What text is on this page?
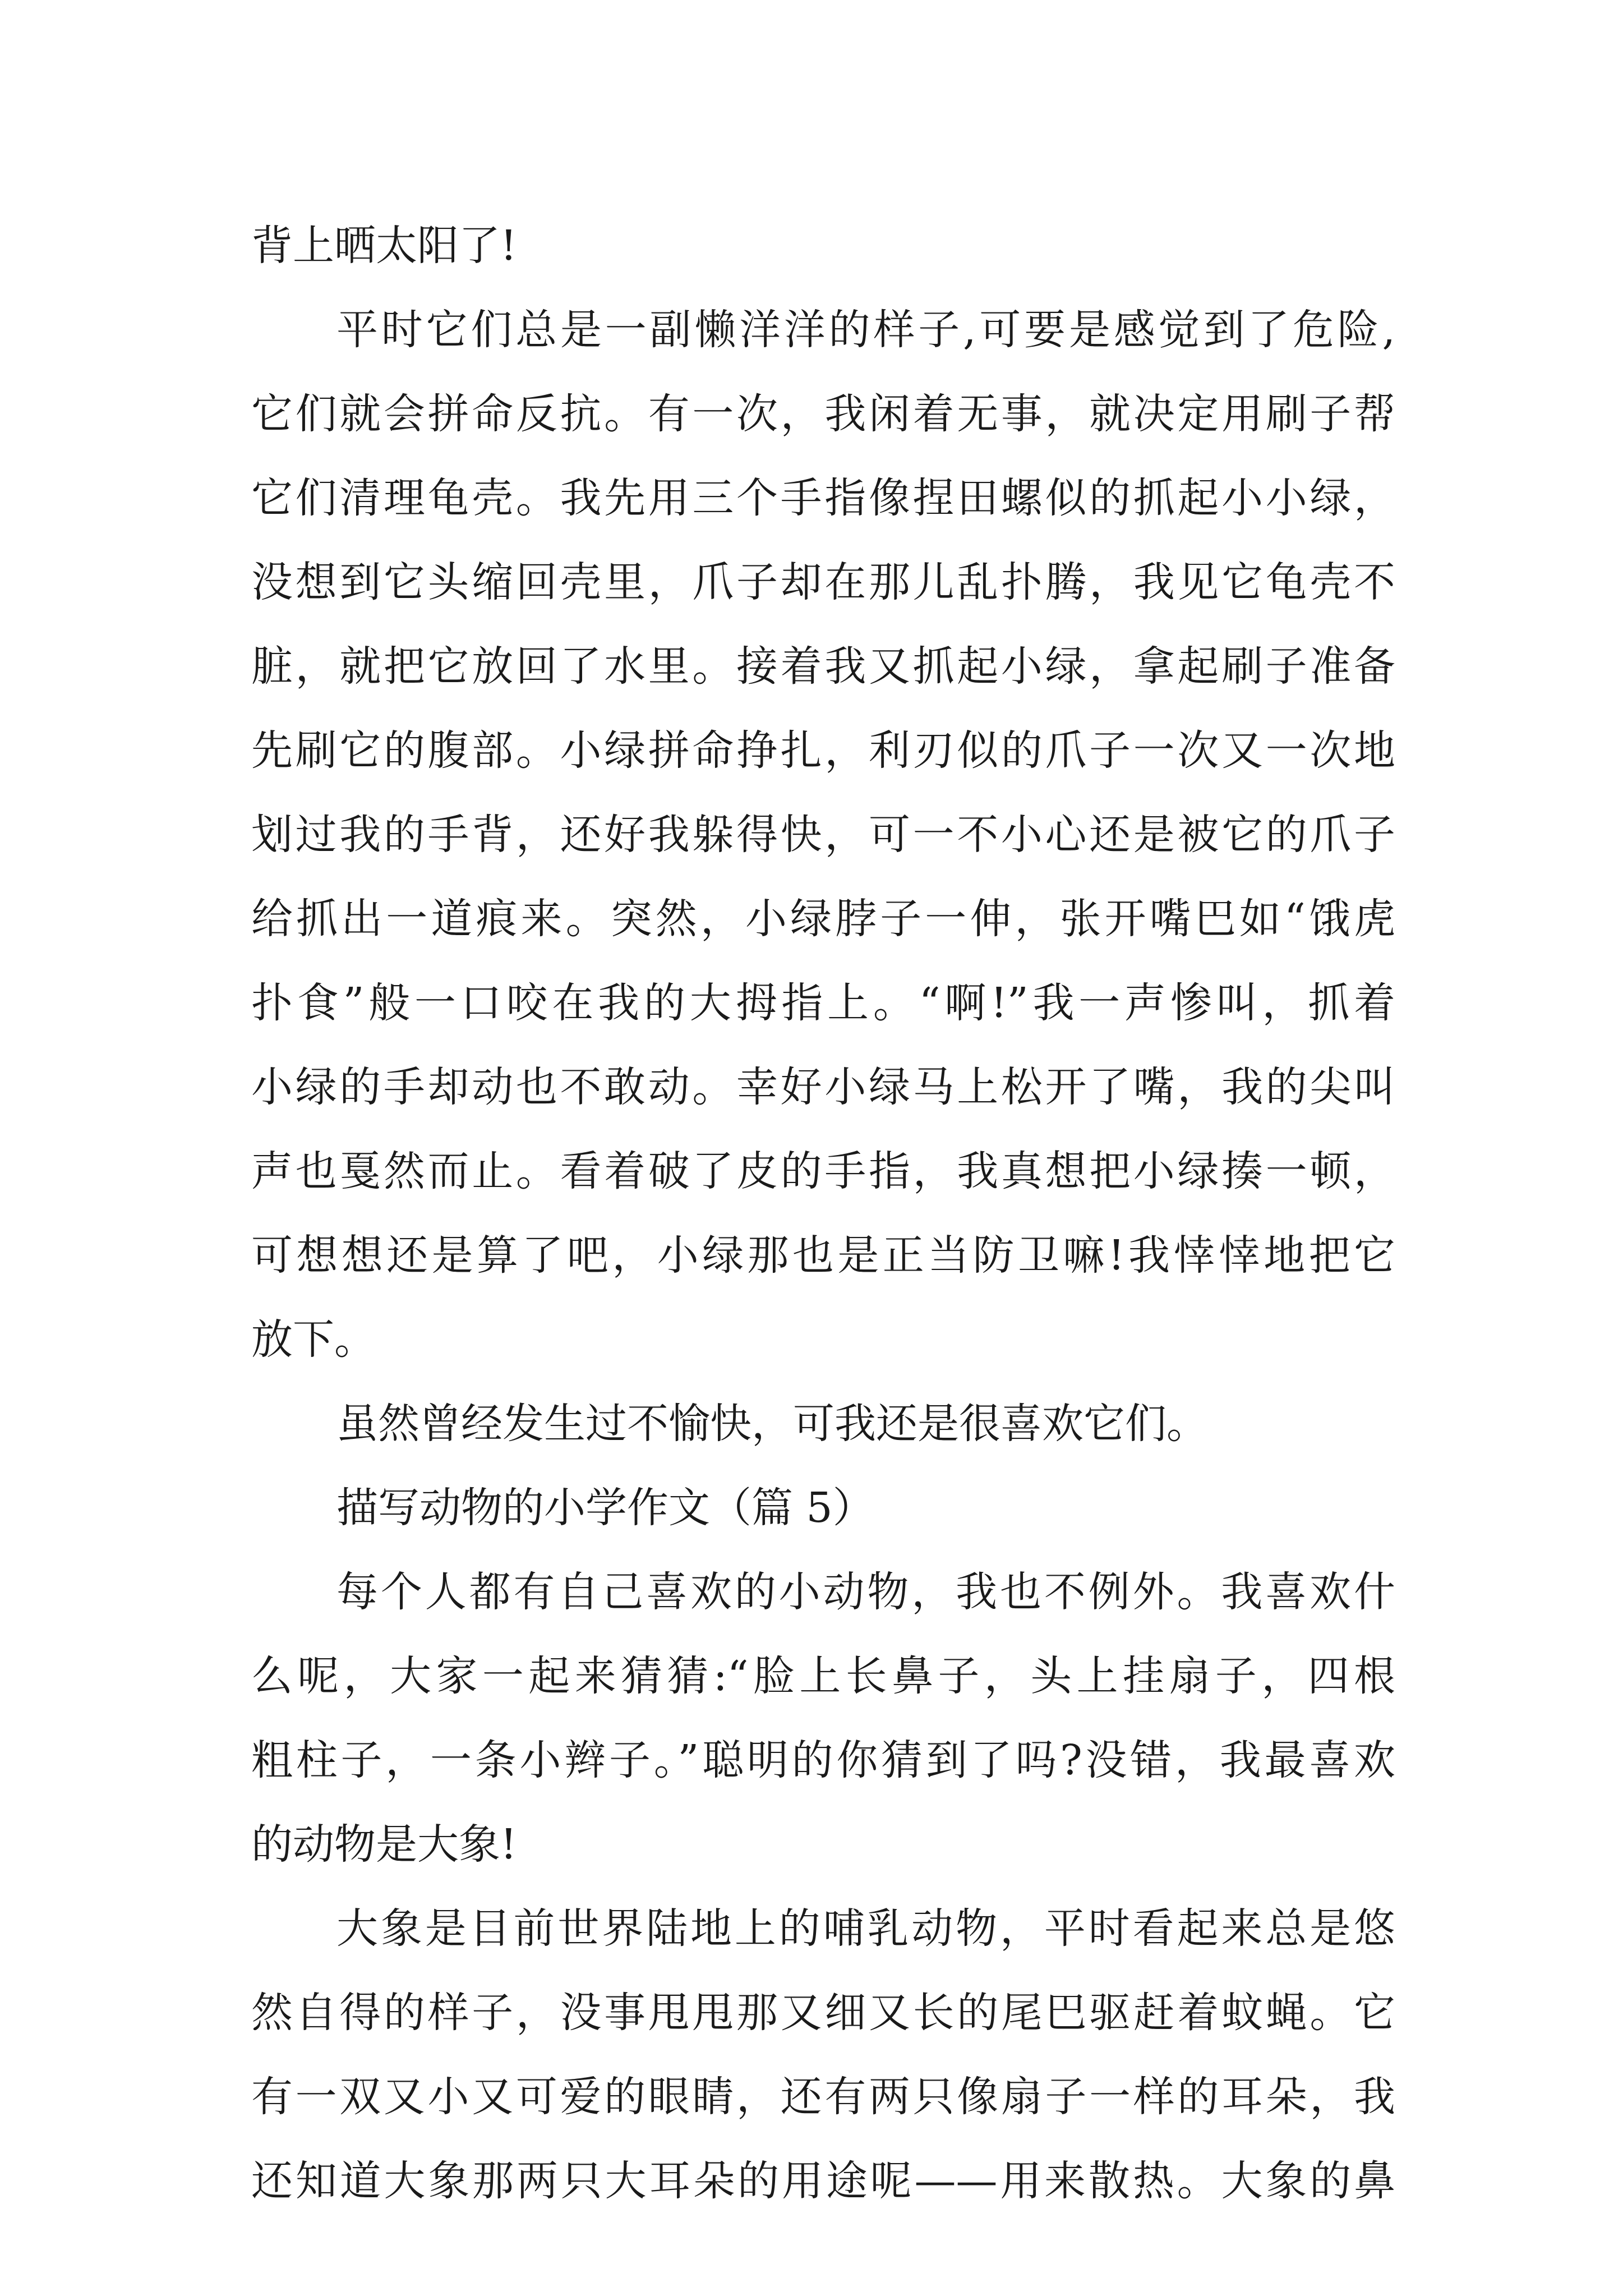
背上晒太阳了!
平时它们总是一副懒洋洋的样子,可要是感觉到了危险,
它们就会拼命反抗。有一次，我闲着无事，就决定用刷子帮
它们清理龟壳。我先用三个手指像捏田螺似的抓起小小绿，
没想到它头缩回壳里，爪子却在那儿乱扑腾，我见它龟壳不
脏，就把它放回了水里。接着我又抓起小绿，拿起刷子准备
先刷它的腹部。小绿拼命挣扎，利刃似的爪子一次又一次地
划过我的手背，还好我躲得快，可一不小心还是被它的爪子
给抓出一道痕来。突然，小绿脖子一伸，张开嘴巴如“饿虎
扑食”般一口咬在我的大拇指上。“啊!”我一声惨叫，抓着
小绿的手却动也不敢动。幸好小绿马上松开了嘴，我的尖叫
声也戛然而止。看着破了皮的手指，我真想把小绿揍一顿，
可想想还是算了吧，小绿那也是正当防卫嘛!我悻悻地把它
放下。
虽然曾经发生过不愉快，可我还是很喜欢它们。
描写动物的小学作文（篇 5）
每个人都有自己喜欢的小动物，我也不例外。我喜欢什
么呢，大家一起来猜猜:“脸上长鼻子，头上挂扇子，四根
粗柱子，一条小辫子。”聪明的你猜到了吗?没错，我最喜欢
的动物是大象!
大象是目前世界陆地上的哺乳动物，平时看起来总是悠
然自得的样子，没事甩甩那又细又长的尾巴驱赶着蚊蝇。它
有一双又小又可爱的眼睛，还有两只像扇子一样的耳朵，我
还知道大象那两只大耳朵的用途呢——用来散热。大象的鼻
